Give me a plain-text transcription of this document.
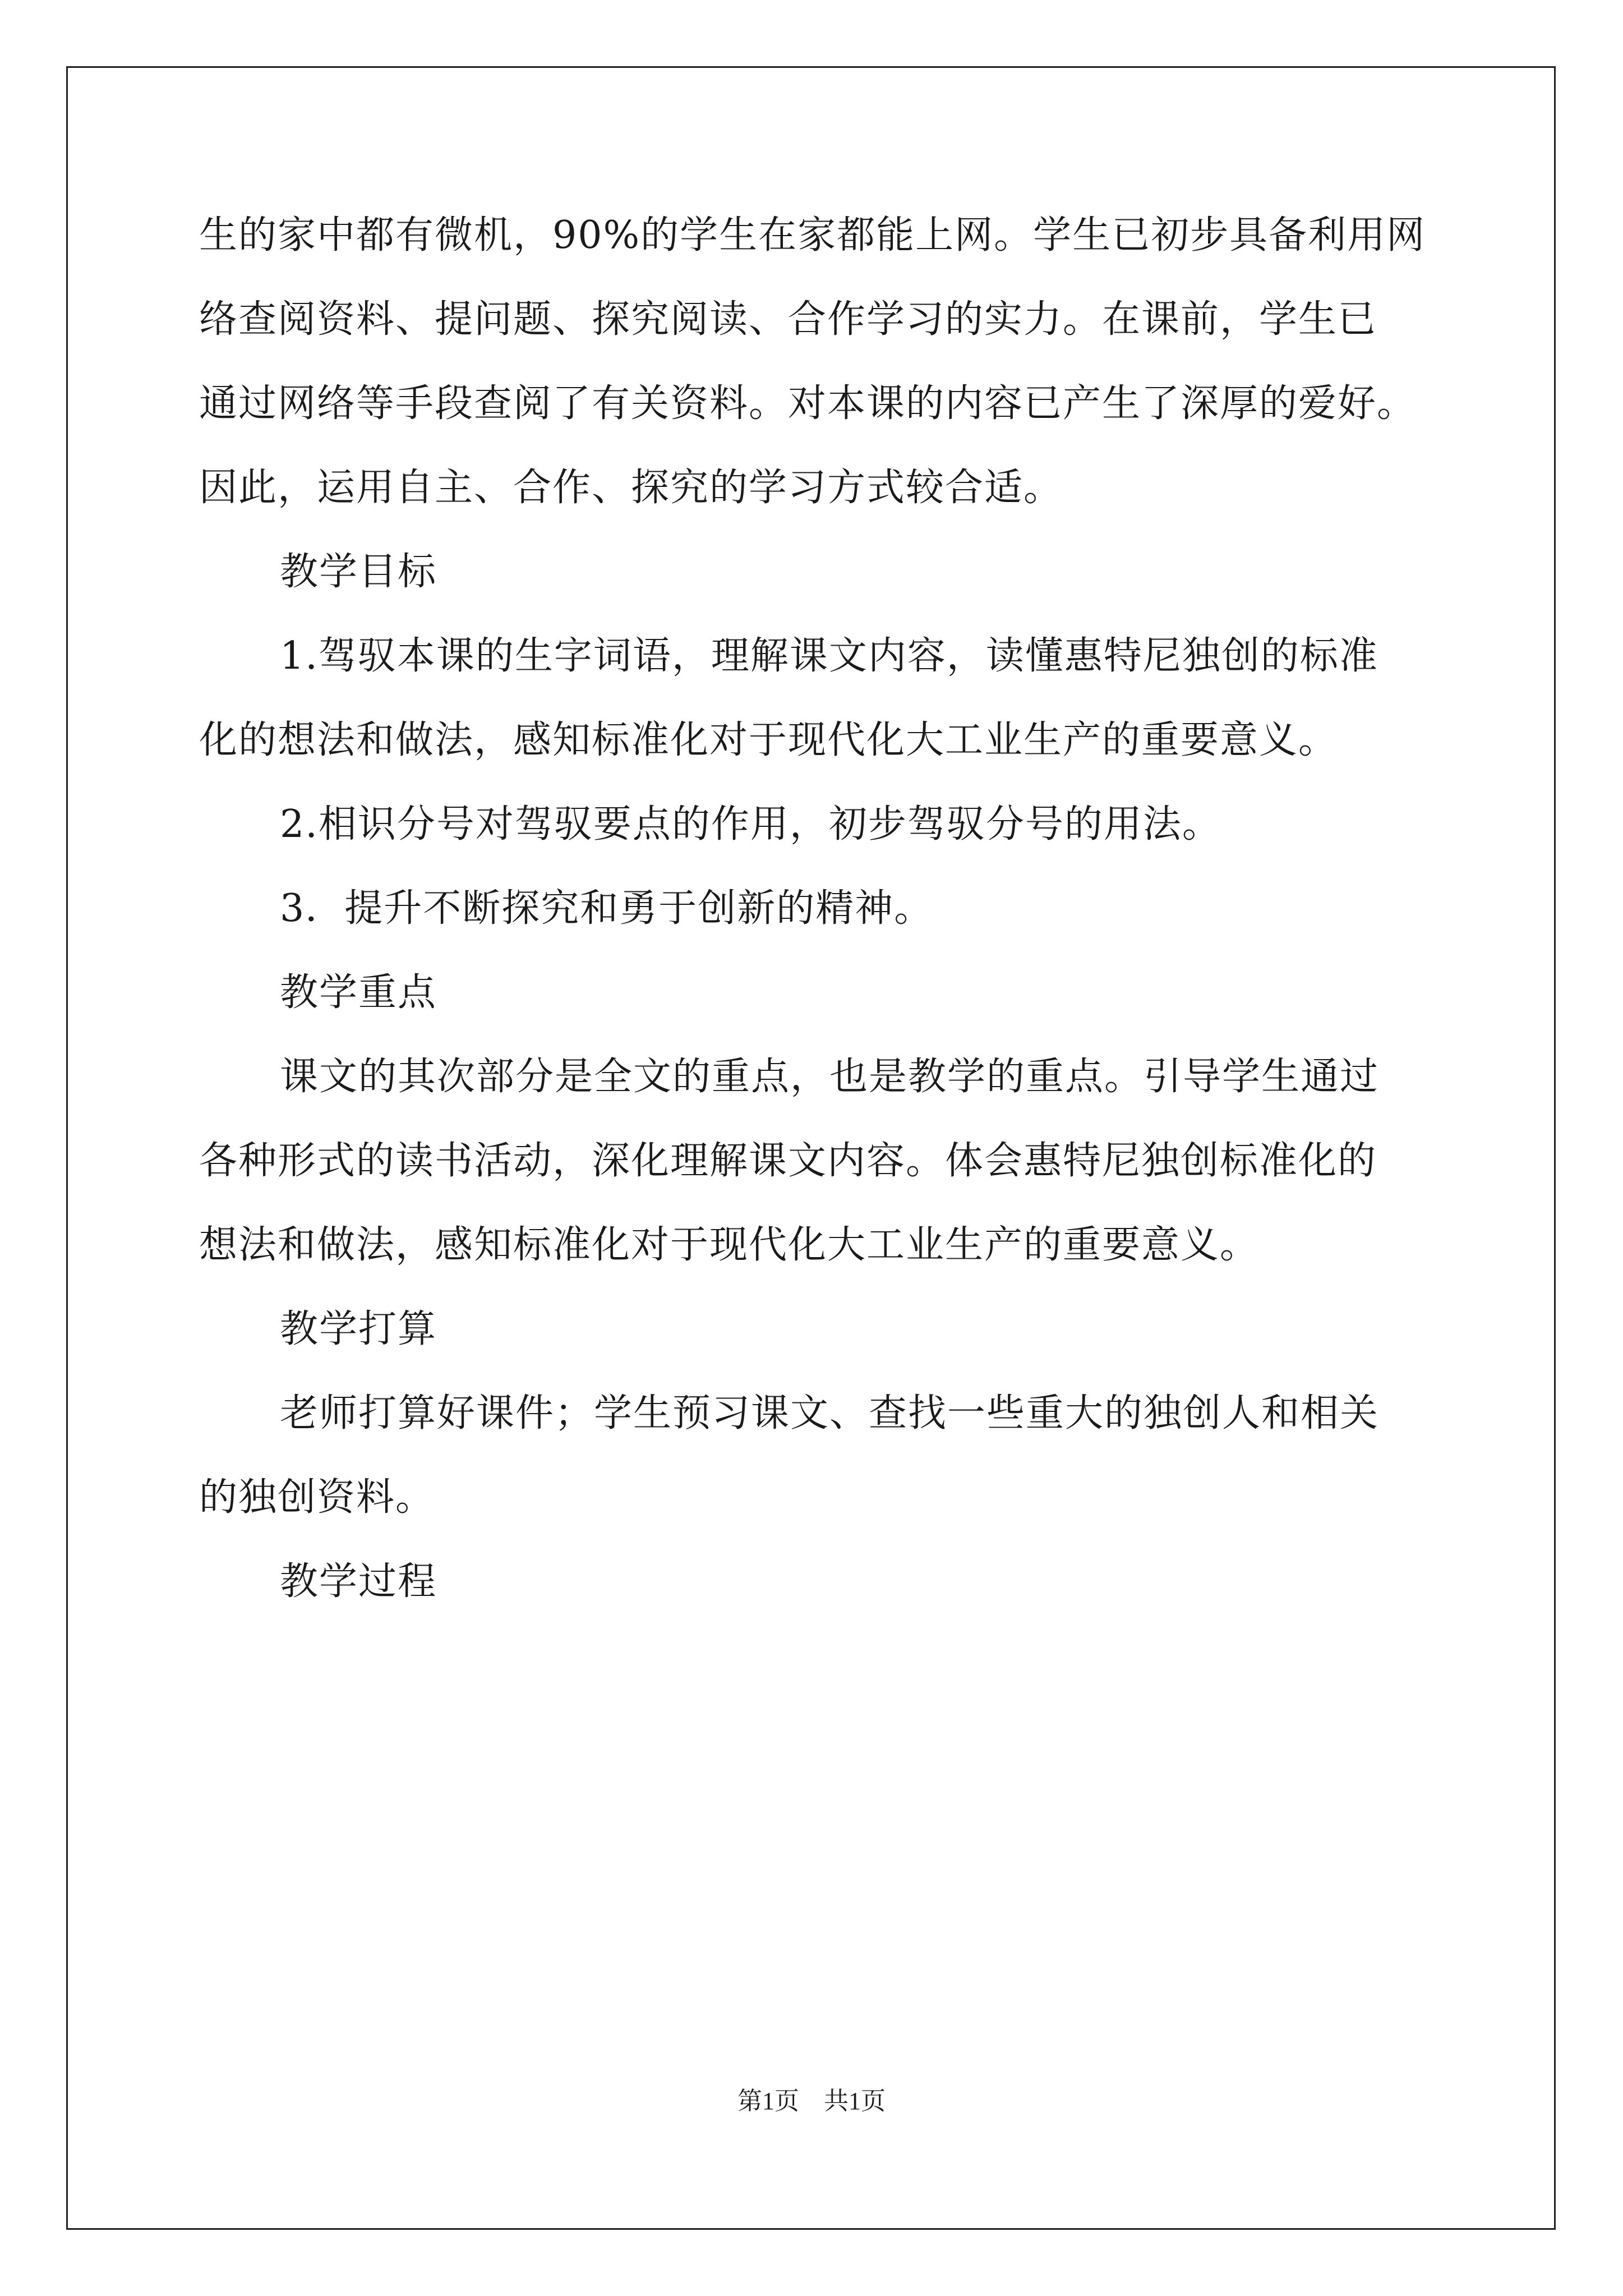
生的家中都有微机，90%的学生在家都能上网。学生已初步具备利用网
络查阅资料、提问题、探究阅读、合作学习的实力。在课前，学生已
通过网络等手段查阅了有关资料。对本课的内容已产生了深厚的爱好。
因此，运用自主、合作、探究的学习方式较合适。
教学目标
1.驾驭本课的生字词语，理解课文内容，读懂惠特尼独创的标准
化的想法和做法，感知标准化对于现代化大工业生产的重要意义。
2.相识分号对驾驭要点的作用，初步驾驭分号的用法。
3．提升不断探究和勇于创新的精神。
教学重点
课文的其次部分是全文的重点，也是教学的重点。引导学生通过
各种形式的读书活动，深化理解课文内容。体会惠特尼独创标准化的
想法和做法，感知标准化对于现代化大工业生产的重要意义。
教学打算
老师打算好课件；学生预习课文、查找一些重大的独创人和相关
的独创资料。
教学过程
第1页　共1页
